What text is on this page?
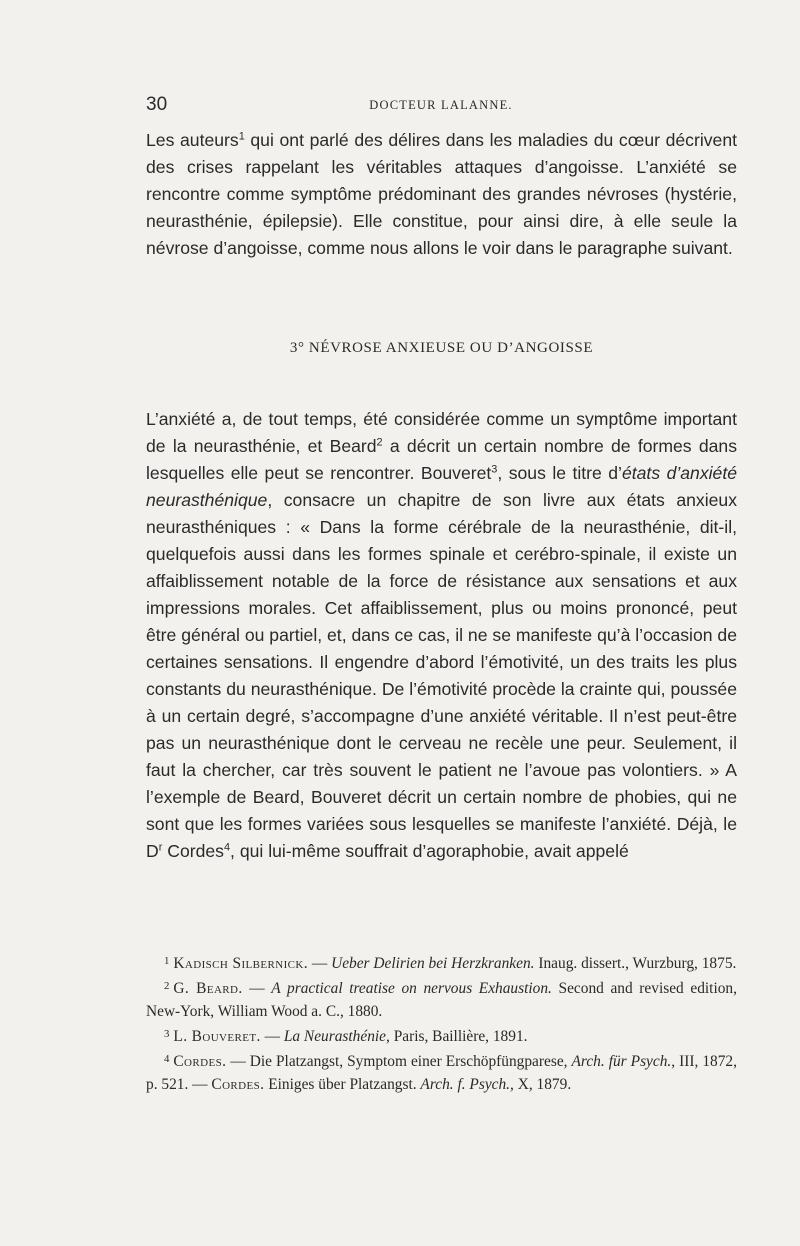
30	DOCTEUR LALANNE.

Les auteurs$^1$ qui ont parlé des délires dans les maladies du cœur décrivent des crises rappelant les véritables attaques d’angoisse. L’anxiété se rencontre comme symptôme prédominant des grandes névroses (hystérie, neurasthénie, épilepsie). Elle constitue, pour ainsi dire, à elle seule la névrose d’angoisse, comme nous allons le voir dans le paragraphe suivant.

3° NÉVROSE ANXIEUSE OU D’ANGOISSE

L’anxiété a, de tout temps, été considérée comme un symptôme important de la neurasthénie, et Beard$^2$ a décrit un certain nombre de formes dans lesquelles elle peut se rencontrer. Bouveret$^3$, sous le titre d’états d’anxiété neurasthénique, consacre un chapitre de son livre aux états anxieux neurasthéniques : « Dans la forme cérébrale de la neurasthénie, dit-il, quelquefois aussi dans les formes spinale et cerébro-spinale, il existe un affaiblissement notable de la force de résistance aux sensations et aux impressions morales. Cet affaiblissement, plus ou moins prononcé, peut être général ou partiel, et, dans ce cas, il ne se manifeste qu’à l’occasion de certaines sensations. Il engendre d’abord l’émotivité, un des traits les plus constants du neurasthénique. De l’émotivité procède la crainte qui, poussée à un certain degré, s’accompagne d’une anxiété véritable. Il n’est peut-être pas un neurasthénique dont le cerveau ne recèle une peur. Seulement, il faut la chercher, car très souvent le patient ne l’avoue pas volontiers. » A l’exemple de Beard, Bouveret décrit un certain nombre de phobies, qui ne sont que les formes variées sous lesquelles se manifeste l’anxiété. Déjà, le $D^r$ Cordes$^4$, qui lui-même souffrait d’agoraphobie, avait appelé

$^1$ Kadisch Silbernick. — Ueber Delirien bei Herzkranken. Inaug. dissert., Wurzburg, 1875.

$^2$ G. Beard. — A practical treatise on nervous Exhaustion. Second and revised edition, New-York, William Wood a. C., 1880.

$^3$ L. Bouveret. — La Neurasthénie, Paris, Baillière, 1891.

$^4$ Cordes. — Die Platzangst, Symptom einer Erschöpfüngparese, Arch. für Psych., III, 1872, p. 521. — Cordes. Einiges über Platzangst. Arch. f. Psych., X, 1879.
